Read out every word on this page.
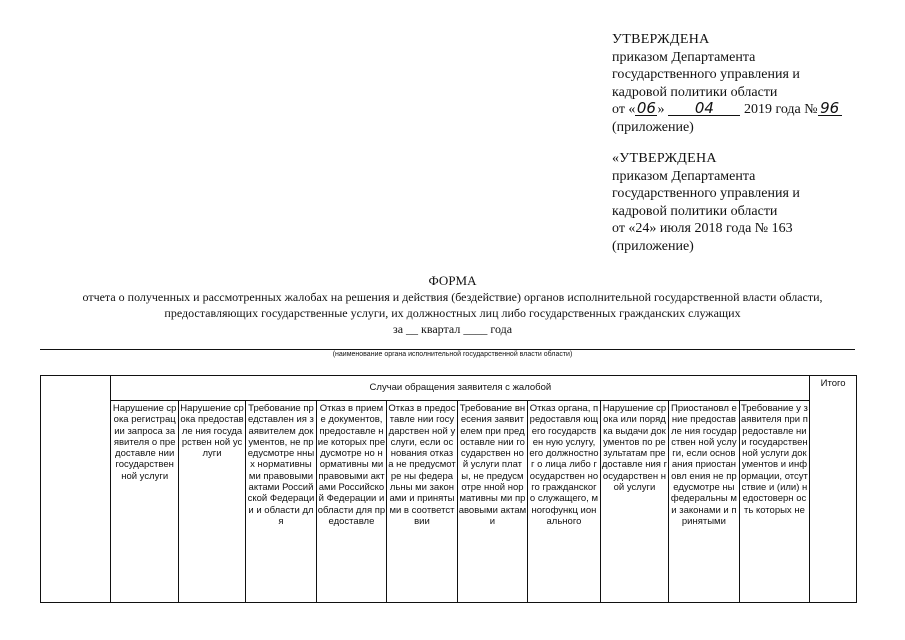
УТВЕРЖДЕНА
приказом Департамента
государственного управления и
кадровой политики области
от «06» 04 2019 года № 96
(приложение)
«УТВЕРЖДЕНА
приказом Департамента
государственного управления и
кадровой политики области
от «24» июля 2018 года № 163
(приложение)
ФОРМА
отчета о полученных и рассмотренных жалобах на решения и действия (бездействие) органов исполнительной государственной власти области,
предоставляющих государственные услуги, их должностных лиц либо государственных гражданских служащих
за __ квартал ____ года
(наименование органа исполнительной государственной власти области)
	Случаи обращения заявителя с жалобой										Итого
	Нарушение срока регистрации запроса заявителя о предоставле нии государствен ной услуги	Нарушение срока предоставле ния государствен ной услуги	Требование представлен ия заявителем документов, не предусмотре нных нормативны ми правовыми актами Российской Федерации и области для	Отказ в приеме документов, предоставле ние которых предусмотре но нормативны ми правовыми актами Российской Федерации и области для предоставле	Отказ в предоставле нии государствен ной услуги, если основания отказа не предусмотре ны федеральны ми законами и принятыми в соответствии	Требование внесения заявителем при предоставле нии государствен ной услуги платы, не предусмотре нной нормативны ми правовыми актами	Отказ органа, предоставля ющего государствен ную услугу, его должностног о лица либо государствен ного гражданског о служащего, многофункц ионального	Нарушение срока или порядка выдачи документов по результатам предоставле ния государствен ной услуги	Приостановл ение предоставле ния государствен ной услуги, если основания приостановл ения не предусмотре ны федеральны ми законами и принятыми	Требование у заявителя при предоставле нии государствен ной услуги документов и информации, отсутствие и (или) недостоверн ость которых не	
